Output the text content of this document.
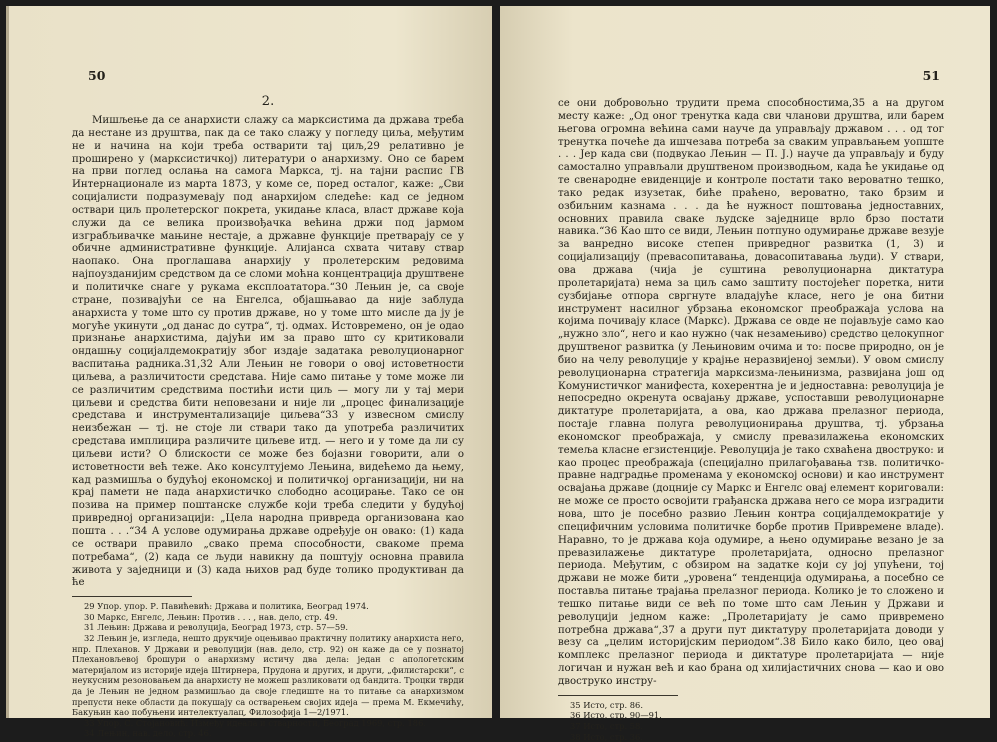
50
2.

Мишљење да се анархисти слажу са марксистима да држава треба да нестане из друштва, пак да се тако слажу у погледу циља, међутим не и начина на који треба остварити тај циљ,29 релативно је проширено у (марксистичкој) литератури о анархизму. Оно се барем на први поглед ослања на самога Маркса, тј. на тајни распис ГВ Интернационале из марта 1873, у коме се, поред осталог, каже: „Сви социјалисти подразумевају под анархијом следеће: кад се једном оствари циљ пролетерског покрета, укидање класа, власт државе која служи да се велика произвођачка већина држи под јармом изграбљивачке мањине нестаје, а државне функције претварају се у обичне административне функције. Алијанса схвата читаву ствар наопако. Она проглашава анархију у пролетерским редовима најпоузданијим средством да се сломи моћна концентрација друштвене и политичке снаге у рукама експлоататора.“30 Лењин је, са своје стране, позивајући се на Енгелса, објашњавао да није заблуда анархиста у томе што су против државе, но у томе што мисле да ју је могуће укинути „од данас до сутра“, тј. одмах. Истовремено, он је одао признање анархистима, дајући им за право што су критиковали ондашњу социјалдемократију због издаје задатака револуционарног васпитања радника.31,32 Али Лењин не говори о овој истоветности циљева, а различитости средстава. Није само питање у томе може ли се различитим средствима постићи исти циљ — могу ли у тај мери циљеви и средства бити неповезани и није ли „процес финализације средстава и инструментализације циљева“33 у извесном смислу неизбежан — тј. не стоје ли ствари тако да употреба различитих средстава имплицира различите циљеве итд. — него и у томе да ли су циљеви исти? О блискости се може без бојазни говорити, али о истоветности већ теже. Ако консултујемо Лењина, видећемо да њему, кад размишља о будућој економској и политичкој организацији, ни на крај памети не пада анархистичко слободно асоцирање. Тако се он позива на пример поштанске службе који треба следити у будућој привредној организацији: „Цела народна привреда организована као пошта . . .“34 А услове одумирања државе одређује он овако: (1) када се оствари правило „свако према способности, свакоме према потребама“, (2) када се људи навикну да поштују основна правила живота у заједници и (3) када њихов рад буде толико продуктиван да ће

29 Упор. упор. Р. Павићевић: Држава и политика, Београд 1974.
30 Маркс, Енгелс, Лењин: Против . . . , нав. дело, стр. 49.
31 Лењин: Држава и револуција, Београд 1973, стр. 57—59.
32 Лењин је, изгледа, нешто друкчије оцењивао практичну политику анархиста него, нпр. Плеханов. У Држави и револуцији (нав. дело, стр. 92) он каже да се у познатој Плехановљевој брошури о анархизму истичу два дела: један с апологетским материјалом из историје идеја Штирнера, Прудона и других, и други, „филистарски“, с неукусним резоновањем да анархисту не можеш разликовати од бандита. Троцки тврди да је Лењин не једном размишљао да своје гледиште на то питање са анархизмом препусти неке области да покушају са остварењем својих идеја — према М. Екмечићу, Бакуњин као побуњени интелектуалац, Филозофија 1—2/1971.
33 Упор. С. Стојановић: Између идеала и стварности, Београд 1969, стр. 186.
34 Лењин, нав. дело, стр. 46.
51

се они добровољно трудити према способностима,35 а на другом месту каже: „Од оног тренутка када сви чланови друштва, или барем његова огромна већина сами науче да управљају државом . . . од тог тренутка почеће да ишчезава потреба за сваким управљањем уопште . . . Јер када сви (подвукао Лењин — П. Ј.) науче да управљају и буду самостално управљали друштвеном производњом, када ће укидање од те свенародне евиденције и контроле постати тако вероватно тешко, тако редак изузетак, биће праћено, вероватно, тако брзим и озбиљним казнама . . . да ће нужност поштовања једноставних, основних правила сваке људске заједнице врло брзо постати навика.“36 Као што се види, Лењин потпуно одумирање државе везује за ванредно високе степен привредног развитка (1, 3) и социјализацију (превасопитавања, довасопитавања људи). У ствари, ова држава (чија је суштина револуционарна диктатура пролетаријата) нема за циљ само заштиту постојећег поретка, нити сузбијање отпора свргнуте владајуће класе, него је она битни инструмент насилног убрзања економског преображаја услова на којима почивају класе (Маркс). Држава се овде не појављује само као „нужно зло“, него и као нужно (чак незамењиво) средство целокупног друштвеног развитка (у Лењиновим очима и то: посве природно, он је био на челу револуције у крајње неразвијеној земљи). У овом смислу револуционарна стратегија марксизма-лењинизма, развијана још од Комунистичког манифеста, кохерентна је и једноставна: револуција је непосредно окренута освајању државе, успоставши револуционарне диктатуре пролетаријата, а ова, као држава прелазног периода, постаје главна полуга револуционирања друштва, тј. убрзања економског преображаја, у смислу превазилажења економских темеља класне егзистенције. Револуција је тако схваћена двоструко: и као процес преображаја (специјално прилагођавања тзв. политичко-правне надградње променама у економској основи) и као инструмент освајања државе (доцније су Маркс и Енгелс овај елемент кориговали: не може се просто освојити грађанска држава него се мора изградити нова, што је посебно развио Лењин контра социјалдемократије у специфичним условима политичке борбе против Привремене владе). Наравно, то је држава која одумире, а њено одумирање везано је за превазилажење диктатуре пролетаријата, односно прелазног периода. Међутим, с обзиром на задатке који су јој упућени, тој држави не може бити „уровена“ тенденција одумирања, а посебно се поставља питање трајања прелазног периода. Колико је то сложено и тешко питање види се већ по томе што сам Лењин у Држави и револуцији једном каже: „Пролетаријату је само привремено потребна држава“,37 а други пут диктатуру пролетаријата доводи у везу са „целим историјским периодом“.38 Било како било, цео овај комплекс прелазног периода и диктатуре пролетаријата — није логичан и нужан већ и као брана од хилијастичних снова — као и ово двоструко инстру-

35 Исто, стр. 86.
36 Исто, стр. 90—91.
37 Исто, стр. 58.
38 Исто, стр. 36.
